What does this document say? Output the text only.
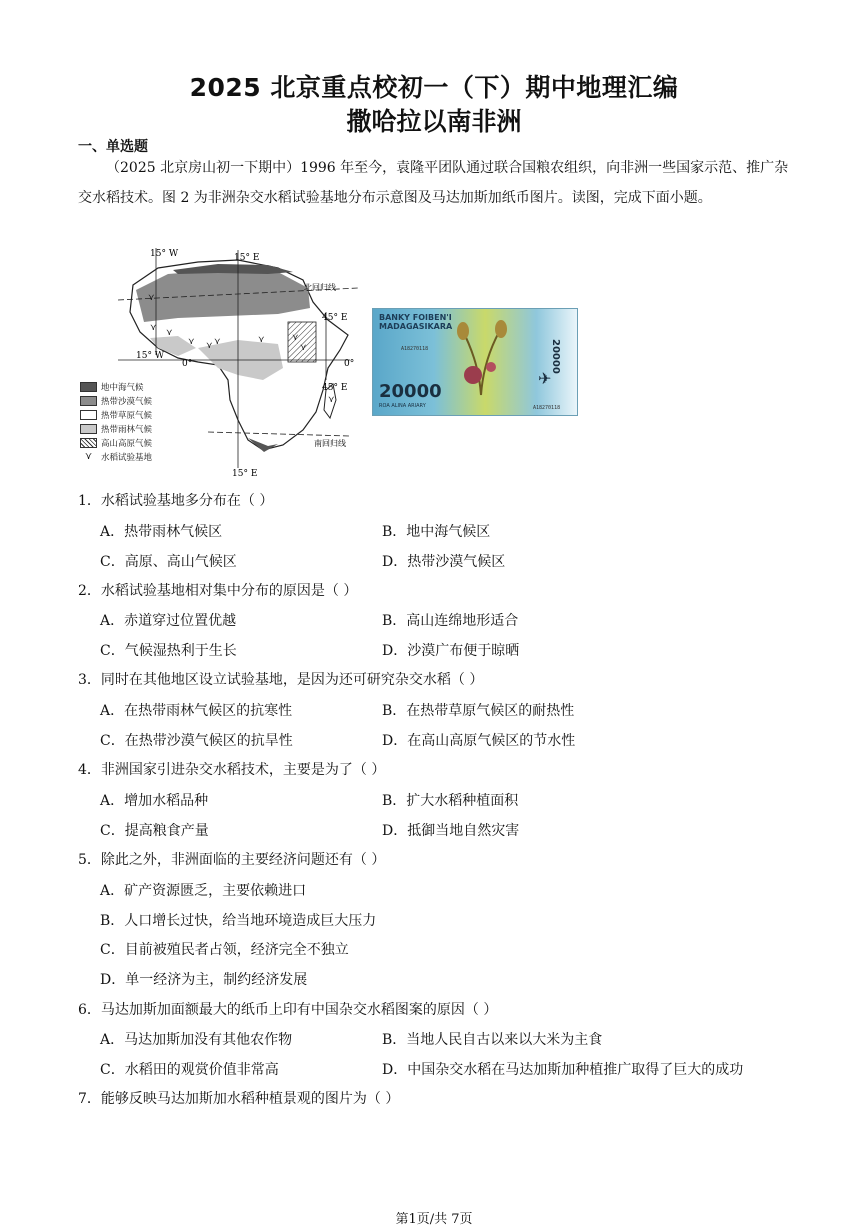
2025 北京重点校初一（下）期中地理汇编
撒哈拉以南非洲
一、单选题
（2025 北京房山初一下期中）1996 年至今，袁隆平团队通过联合国粮农组织，向非洲一些国家示范、推广杂交水稻技术。图 2 为非洲杂交水稻试验基地分布示意图及马达加斯加纸币图片。读图，完成下面小题。
⋎
⋎ ⋎
⋎ ⋎ ⋎	⋎	⋎
⋎
⋎
15° W	15° E
北回归线
45° E
15° W
0°	0°
45° E
南回归线
15° E
地中海气候
热带沙漠气候
热带草原气候
热带雨林气候
高山高原气候
⋎	水稻试验基地
BANKY FOIBEN'I
MADAGASIKARA
A18270118
20000
ROA ALINA ARIARY	A18270118
20000
✈
1．水稻试验基地多分布在（ ）
A．热带雨林气候区	B．地中海气候区
C．高原、高山气候区	D．热带沙漠气候区
2．水稻试验基地相对集中分布的原因是（ ）
A．赤道穿过位置优越	B．高山连绵地形适合
C．气候湿热利于生长	D．沙漠广布便于晾晒
3．同时在其他地区设立试验基地，是因为还可研究杂交水稻（ ）
A．在热带雨林气候区的抗寒性	B．在热带草原气候区的耐热性
C．在热带沙漠气候区的抗旱性	D．在高山高原气候区的节水性
4．非洲国家引进杂交水稻技术，主要是为了（ ）
A．增加水稻品种	B．扩大水稻种植面积
C．提高粮食产量	D．抵御当地自然灾害
5．除此之外，非洲面临的主要经济问题还有（ ）
A．矿产资源匮乏，主要依赖进口
B．人口增长过快，给当地环境造成巨大压力
C．目前被殖民者占领，经济完全不独立
D．单一经济为主，制约经济发展
6．马达加斯加面额最大的纸币上印有中国杂交水稻图案的原因（ ）
A．马达加斯加没有其他农作物	B．当地人民自古以来以大米为主食
C．水稻田的观赏价值非常高	D．中国杂交水稻在马达加斯加种植推广取得了巨大的成功
7．能够反映马达加斯加水稻种植景观的图片为（ ）
第1页/共 7页
